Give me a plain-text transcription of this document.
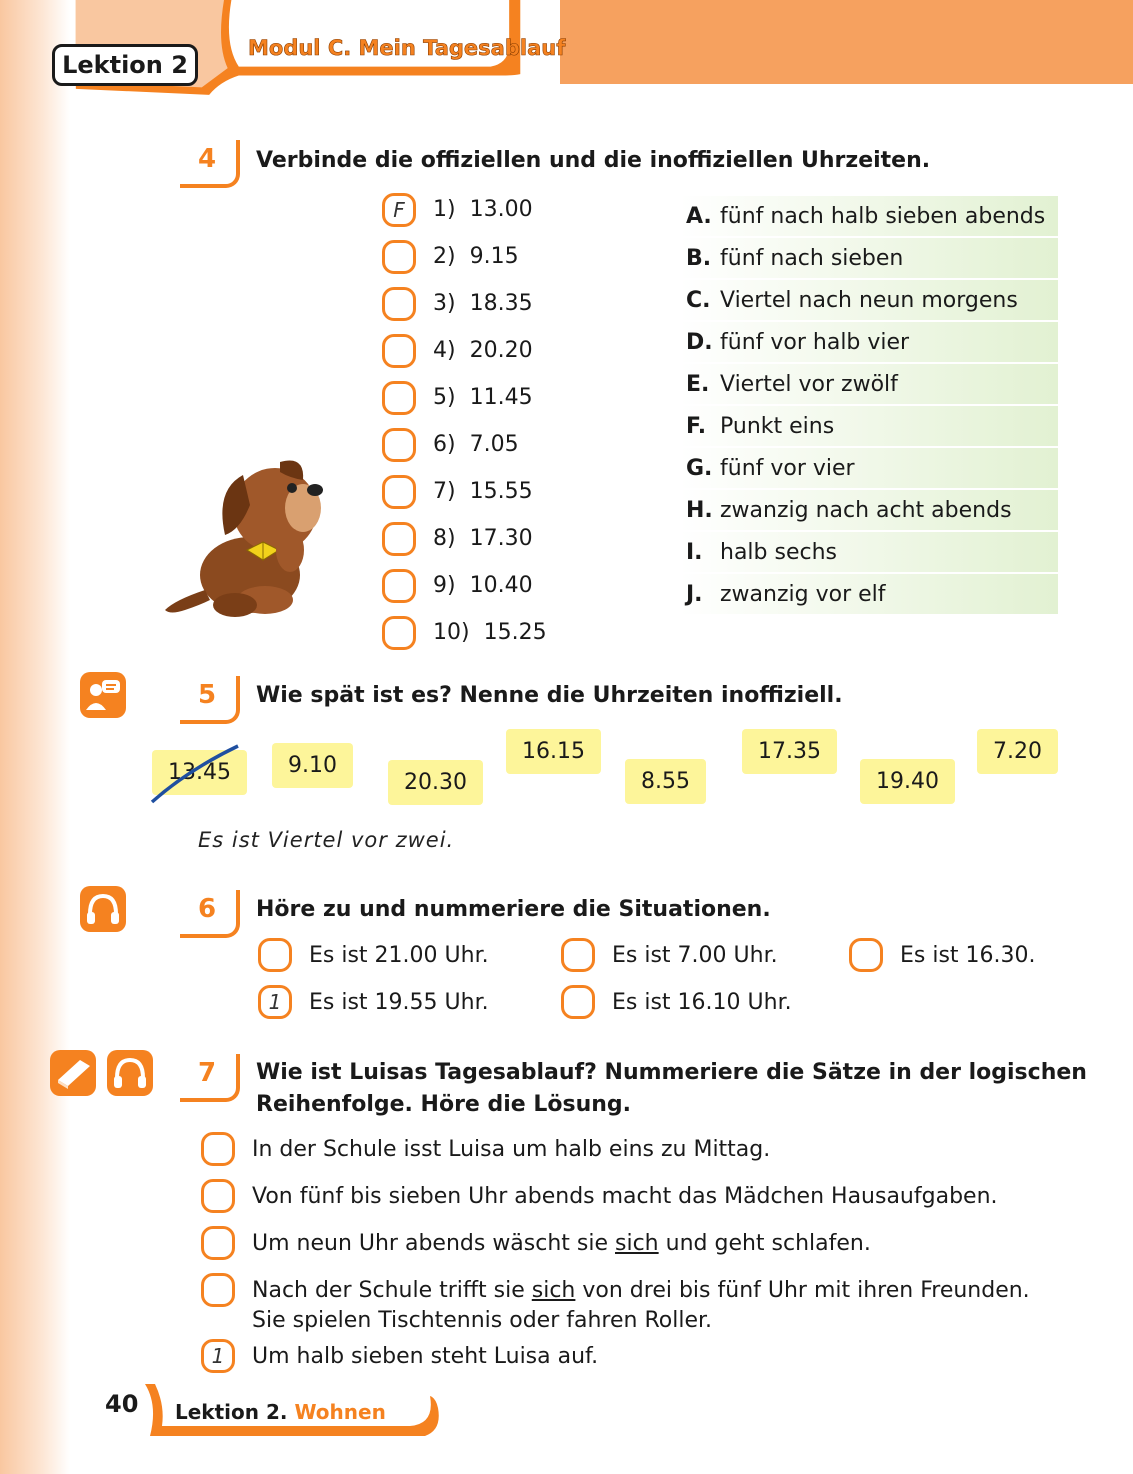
Lektion 2
Modul C. Mein Tagesablauf
4	Verbinde die offiziellen und die inoffiziellen Uhrzeiten.
F	1) 13.00
2) 9.15
3) 18.35
4) 20.20
5) 11.45
6) 7.05
7) 15.55
8) 17.30
9) 10.40
10) 15.25
A. fünf nach halb sieben abends
B. fünf nach sieben
C. Viertel nach neun morgens
D. fünf vor halb vier
E. Viertel vor zwölf
F. Punkt eins
G. fünf vor vier
H. zwanzig nach acht abends
I. halb sechs
J. zwanzig vor elf
5	Wie spät ist es? Nenne die Uhrzeiten inoffiziell.
13.45	9.10
20.30
16.15
8.55
17.35
19.40
7.20
Es ist Viertel vor zwei.
6	Höre zu und nummeriere die Situationen.
Es ist 21.00 Uhr.	Es ist 7.00 Uhr.	Es ist 16.30.
1	Es ist 19.55 Uhr.	Es ist 16.10 Uhr.
7	Wie ist Luisas Tagesablauf? Nummeriere die Sätze in der logischen
Reihenfolge. Höre die Lösung.
In der Schule isst Luisa um halb eins zu Mittag.
Von fünf bis sieben Uhr abends macht das Mädchen Hausaufgaben.
Um neun Uhr abends wäscht sie sich und geht schlafen.
Nach der Schule trifft sie sich von drei bis fünf Uhr mit ihren Freunden.
Sie spielen Tischtennis oder fahren Roller.
1	Um halb sieben steht Luisa auf.
40 Lektion 2. Wohnen
